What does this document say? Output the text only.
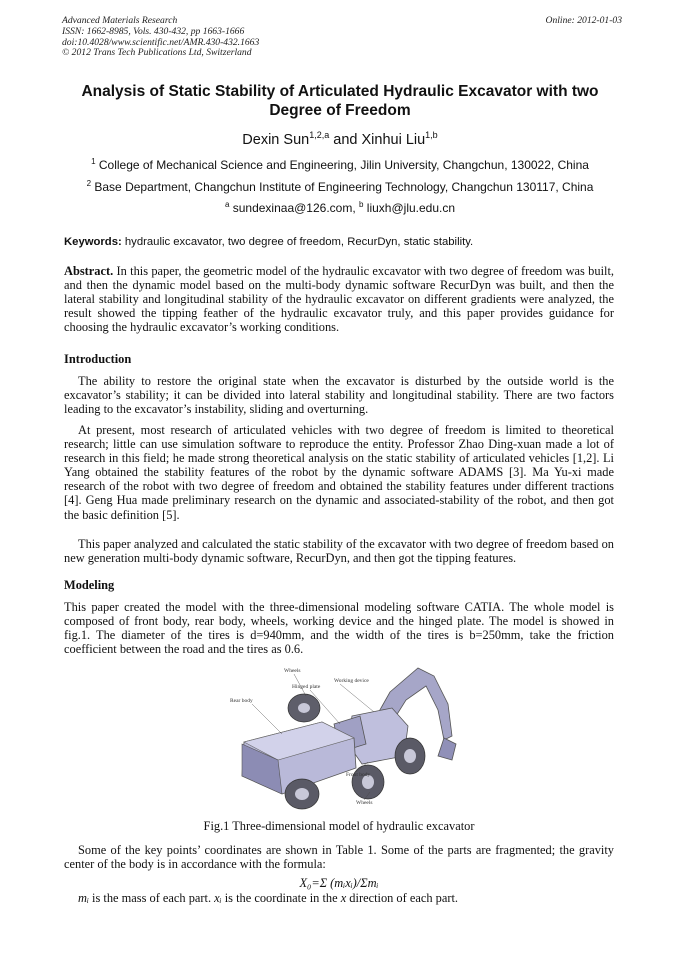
Advanced Materials Research
ISSN: 1662-8985, Vols. 430-432, pp 1663-1666
doi:10.4028/www.scientific.net/AMR.430-432.1663
© 2012 Trans Tech Publications Ltd, Switzerland
Online: 2012-01-03
Analysis of Static Stability of Articulated Hydraulic Excavator with two Degree of Freedom
Dexin Sun$^{1,2,a}$ and Xinhui Liu$^{1,b}$
$^1$ College of Mechanical Science and Engineering, Jilin University, Changchun, 130022, China
$^2$ Base Department, Changchun Institute of Engineering Technology, Changchun 130117, China
$^a$ sundexinaa@126.com, $^b$ liuxh@jlu.edu.cn
Keywords: hydraulic excavator, two degree of freedom, RecurDyn, static stability.
Abstract. In this paper, the geometric model of the hydraulic excavator with two degree of freedom was built, and then the dynamic model based on the multi-body dynamic software RecurDyn was built, and then the lateral stability and longitudinal stability of the hydraulic excavator on different gradients were analyzed, the result showed the tipping feather of the hydraulic excavator truly, and this paper provides guidance for choosing the hydraulic excavator’s working conditions.
Introduction
The ability to restore the original state when the excavator is disturbed by the outside world is the excavator’s stability; it can be divided into lateral stability and longitudinal stability. There are two factors leading to the excavator’s instability, sliding and overturning.
At present, most research of articulated vehicles with two degree of freedom is limited to theoretical research; little can use simulation software to reproduce the entity. Professor Zhao Ding-xuan made a lot of research in this field; he made strong theoretical analysis on the static stability of articulated vehicles [1,2]. Li Yang obtained the stability features of the robot by the dynamic software ADAMS [3]. Ma Yu-xi made research of the robot with two degree of freedom and obtained the stability features under different tractions [4]. Geng Hua made preliminary research on the dynamic and associated-stability of the robot, and then got the basic definition [5].
This paper analyzed and calculated the static stability of the excavator with two degree of freedom based on new generation multi-body dynamic software, RecurDyn, and then got the tipping features.
Modeling
This paper created the model with the three-dimensional modeling software CATIA. The whole model is composed of front body, rear body, wheels, working device and the hinged plate. The model is showed in fig.1. The diameter of the tires is d=940mm, and the width of the tires is b=250mm, take the friction coefficient between the road and the tires as 0.6.
Wheels
Working device
Hinged plate
Rear body
Front body
Wheels
Fig.1 Three-dimensional model of hydraulic excavator
Some of the key points’ coordinates are shown in Table 1. Some of the parts are fragmented; the gravity center of the body is in accordance with the formula:
X₀=Σ (mᵢxᵢ)/Σmᵢ
mᵢ is the mass of each part. xᵢ is the coordinate in the x direction of each part.
